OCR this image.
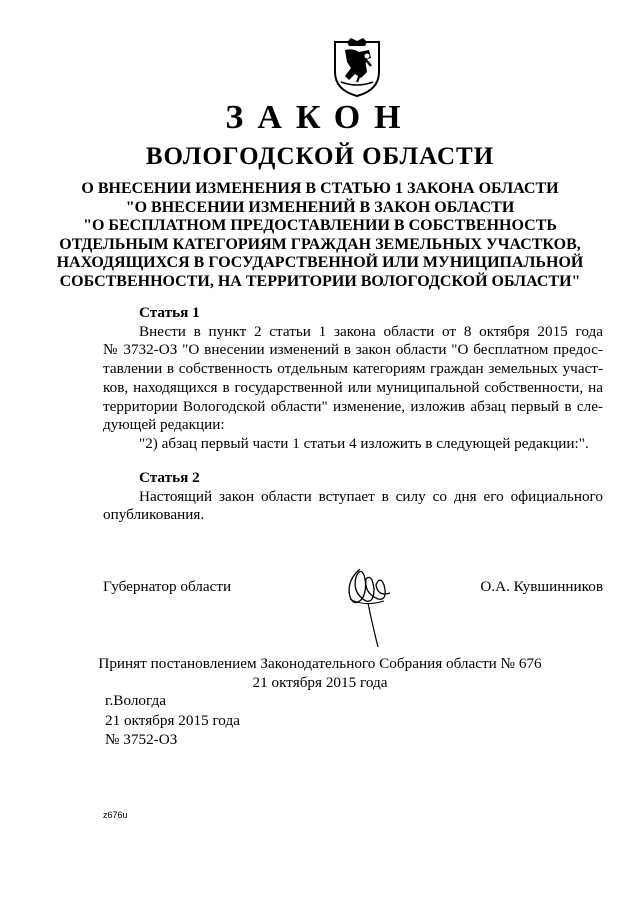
ЗАКОН
ВОЛОГОДСКОЙ ОБЛАСТИ
О ВНЕСЕНИИ ИЗМЕНЕНИЯ В СТАТЬЮ 1 ЗАКОНА ОБЛАСТИ
"О ВНЕСЕНИИ ИЗМЕНЕНИЙ В ЗАКОН ОБЛАСТИ
"О БЕСПЛАТНОМ ПРЕДОСТАВЛЕНИИ В СОБСТВЕННОСТЬ
ОТДЕЛЬНЫМ КАТЕГОРИЯМ ГРАЖДАН ЗЕМЕЛЬНЫХ УЧАСТКОВ,
НАХОДЯЩИХСЯ В ГОСУДАРСТВЕННОЙ ИЛИ МУНИЦИПАЛЬНОЙ
СОБСТВЕННОСТИ, НА ТЕРРИТОРИИ ВОЛОГОДСКОЙ ОБЛАСТИ"
Статья 1
Внести в пункт 2 статьи 1 закона области от 8 октября 2015 года
№ 3732-ОЗ "О внесении изменений в закон области "О бесплатном предос-
тавлении в собственность отдельным категориям граждан земельных участ-
ков, находящихся в государственной или муниципальной собственности, на
территории Вологодской области" изменение, изложив абзац первый в сле-
дующей редакции:
"2) абзац первый части 1 статьи 4 изложить в следующей редакции:".
Статья 2
Настоящий закон области вступает в силу со дня его официального
опубликования.
Губернатор области	О.А. Кувшинников
Принят постановлением Законодательного Собрания области № 676
21 октября 2015 года
г.Вологда
21 октября 2015 года
№ 3752-ОЗ
z676u
